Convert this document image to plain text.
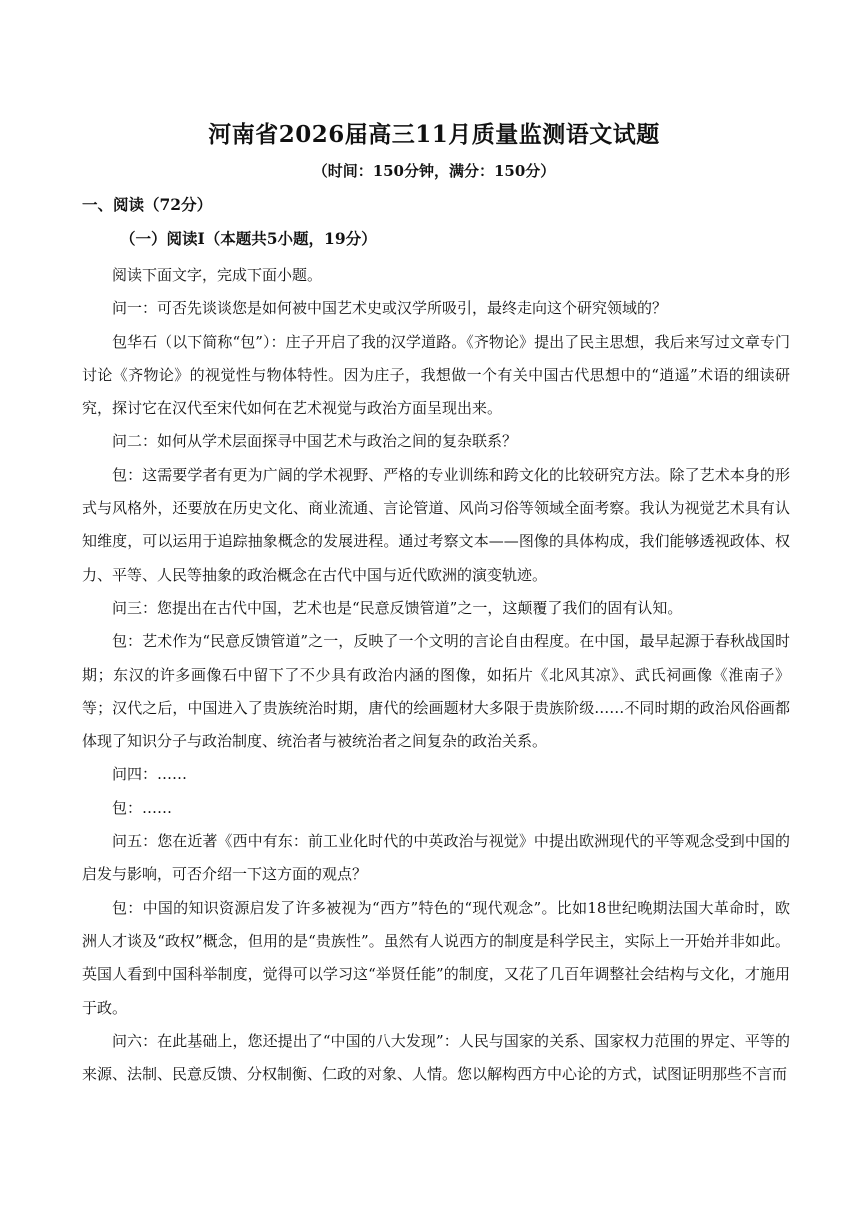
河南省2026届高三11月质量监测语文试题
（时间：150分钟，满分：150分）
一、阅读（72分）
（一）阅读Ⅰ（本题共5小题，19分）

阅读下面文字，完成下面小题。

问一：可否先谈谈您是如何被中国艺术史或汉学所吸引，最终走向这个研究领域的？

包华石（以下简称“包”）：庄子开启了我的汉学道路。《齐物论》提出了民主思想，我后来写过文章专门讨论《齐物论》的视觉性与物体特性。因为庄子，我想做一个有关中国古代思想中的“逍遥”术语的细读研究，探讨它在汉代至宋代如何在艺术视觉与政治方面呈现出来。

问二：如何从学术层面探寻中国艺术与政治之间的复杂联系？

包：这需要学者有更为广阔的学术视野、严格的专业训练和跨文化的比较研究方法。除了艺术本身的形式与风格外，还要放在历史文化、商业流通、言论管道、风尚习俗等领域全面考察。我认为视觉艺术具有认知维度，可以运用于追踪抽象概念的发展进程。通过考察文本——图像的具体构成，我们能够透视政体、权力、平等、人民等抽象的政治概念在古代中国与近代欧洲的演变轨迹。

问三：您提出在古代中国，艺术也是“民意反馈管道”之一，这颠覆了我们的固有认知。

包：艺术作为“民意反馈管道”之一，反映了一个文明的言论自由程度。在中国，最早起源于春秋战国时期；东汉的许多画像石中留下了不少具有政治内涵的图像，如拓片《北风其凉》、武氏祠画像《淮南子》等；汉代之后，中国进入了贵族统治时期，唐代的绘画题材大多限于贵族阶级……不同时期的政治风俗画都体现了知识分子与政治制度、统治者与被统治者之间复杂的政治关系。

问四：……

包：……

问五：您在近著《西中有东：前工业化时代的中英政治与视觉》中提出欧洲现代的平等观念受到中国的启发与影响，可否介绍一下这方面的观点？

包：中国的知识资源启发了许多被视为“西方”特色的“现代观念”。比如18世纪晚期法国大革命时，欧洲人才谈及“政权”概念，但用的是“贵族性”。虽然有人说西方的制度是科学民主，实际上一开始并非如此。英国人看到中国科举制度，觉得可以学习这“举贤任能”的制度，又花了几百年调整社会结构与文化，才施用于政。

问六：在此基础上，您还提出了“中国的八大发现”：人民与国家的关系、国家权力范围的界定、平等的来源、法制、民意反馈、分权制衡、仁政的对象、人情。您以解构西方中心论的方式，试图证明那些不言而
